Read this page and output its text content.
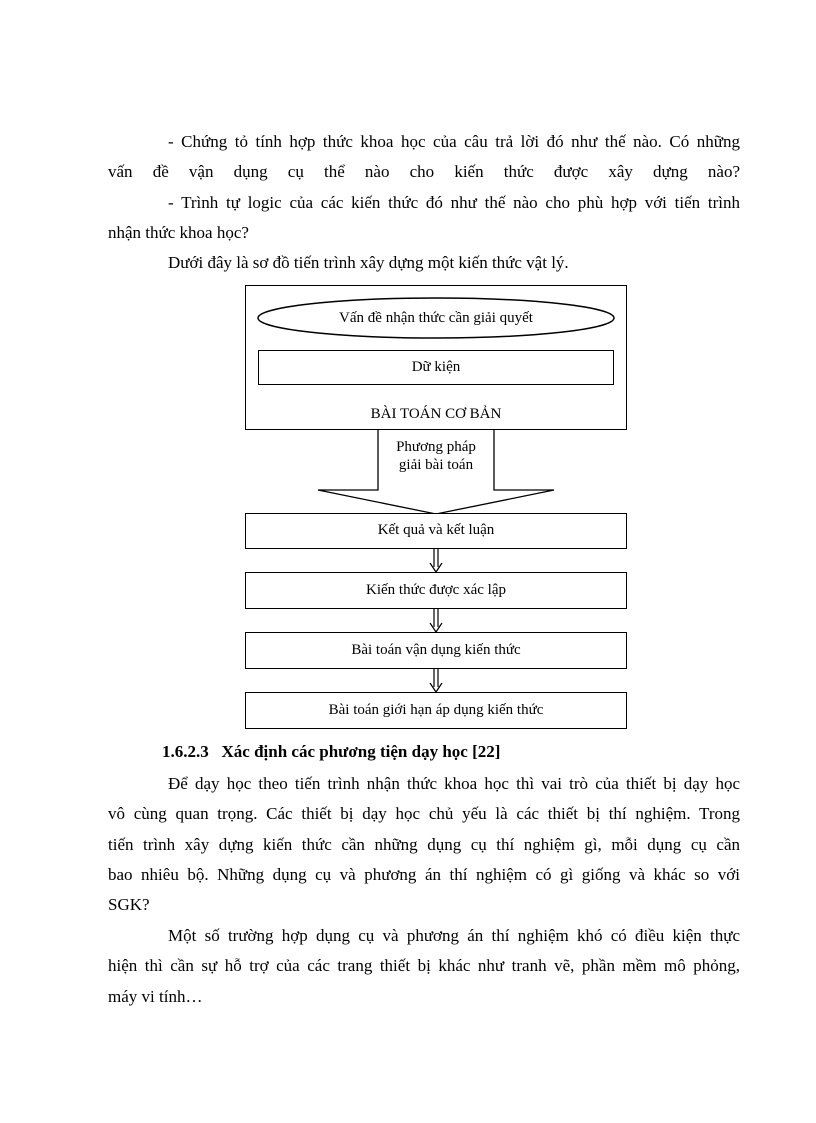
- Chứng tỏ tính hợp thức khoa học của câu trả lời đó như thế nào. Có những
vấn đề vận dụng cụ thể nào cho kiến thức được xây dựng nào?
- Trình tự logic của các kiến thức đó như thế nào cho phù hợp với tiến trình
nhận thức khoa học?
Dưới đây là sơ đồ tiến trình xây dựng một kiến thức vật lý.
BÀI TOÁN CƠ BẢN
Vấn đề nhận thức cần giải quyết
Dữ kiện
Phương pháp
giải bài toán
Kết quả và kết luận
Kiến thức được xác lập
Bài toán vận dụng kiến thức
Bài toán giới hạn áp dụng kiến thức
1.6.2.3 Xác định các phương tiện dạy học [22]
Để dạy học theo tiến trình nhận thức khoa học thì vai trò của thiết bị dạy học
vô cùng quan trọng. Các thiết bị dạy học chủ yếu là các thiết bị thí nghiệm. Trong
tiến trình xây dựng kiến thức cần những dụng cụ thí nghiệm gì, mỗi dụng cụ cần
bao nhiêu bộ. Những dụng cụ và phương án thí nghiệm có gì giống và khác so với
SGK?
Một số trường hợp dụng cụ và phương án thí nghiệm khó có điều kiện thực
hiện thì cần sự hỗ trợ của các trang thiết bị khác như tranh vẽ, phần mềm mô phỏng,
máy vi tính…
